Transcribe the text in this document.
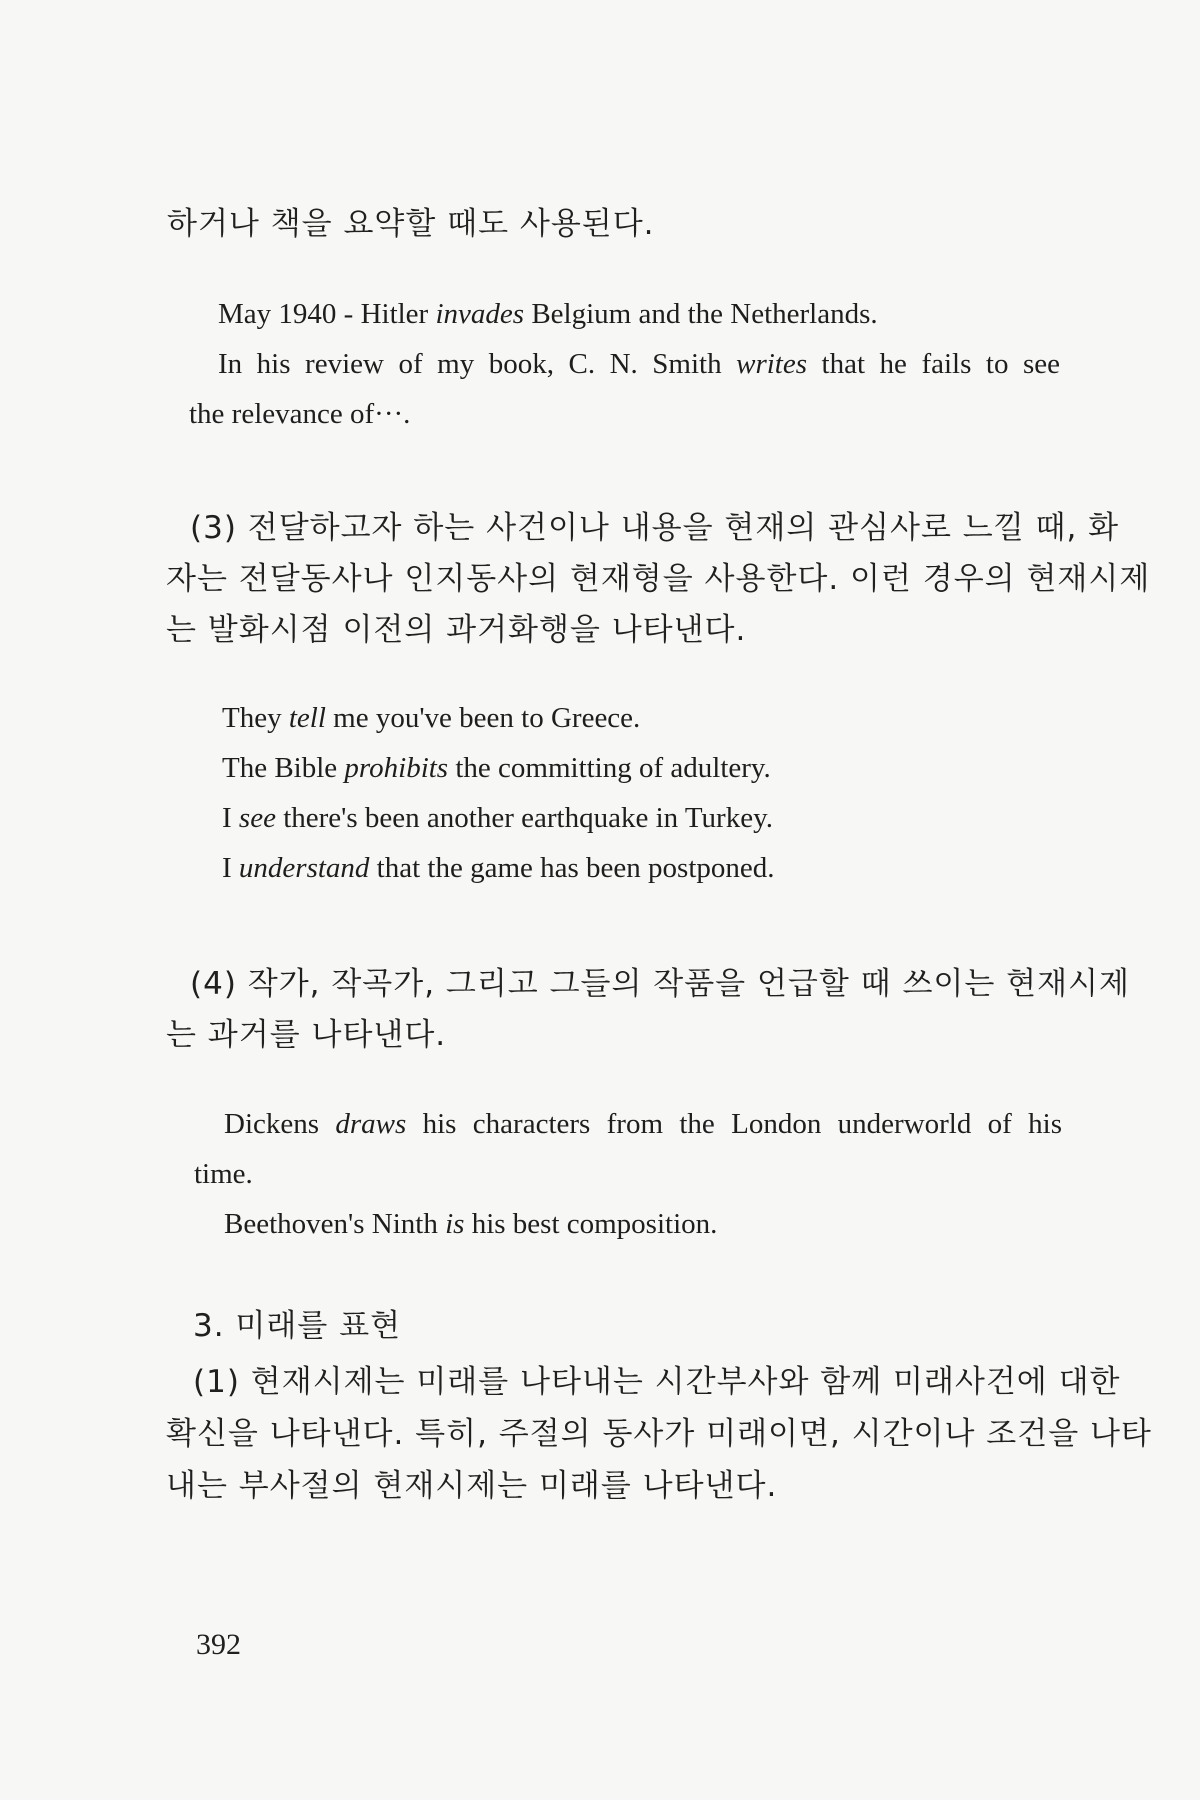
하거나 책을 요약할 때도 사용된다.
May 1940 - Hitler invades Belgium and the Netherlands.
In his review of my book, C. N. Smith writes that he fails to see
the relevance of···.
(3) 전달하고자 하는 사건이나 내용을 현재의 관심사로 느낄 때, 화
자는 전달동사나 인지동사의 현재형을 사용한다. 이런 경우의 현재시제
는 발화시점 이전의 과거화행을 나타낸다.
They tell me you've been to Greece.
The Bible prohibits the committing of adultery.
I see there's been another earthquake in Turkey.
I understand that the game has been postponed.
(4) 작가, 작곡가, 그리고 그들의 작품을 언급할 때 쓰이는 현재시제
는 과거를 나타낸다.
Dickens draws his characters from the London underworld of his
time.
Beethoven's Ninth is his best composition.
3. 미래를 표현
(1) 현재시제는 미래를 나타내는 시간부사와 함께 미래사건에 대한
확신을 나타낸다. 특히, 주절의 동사가 미래이면, 시간이나 조건을 나타
내는 부사절의 현재시제는 미래를 나타낸다.
392
